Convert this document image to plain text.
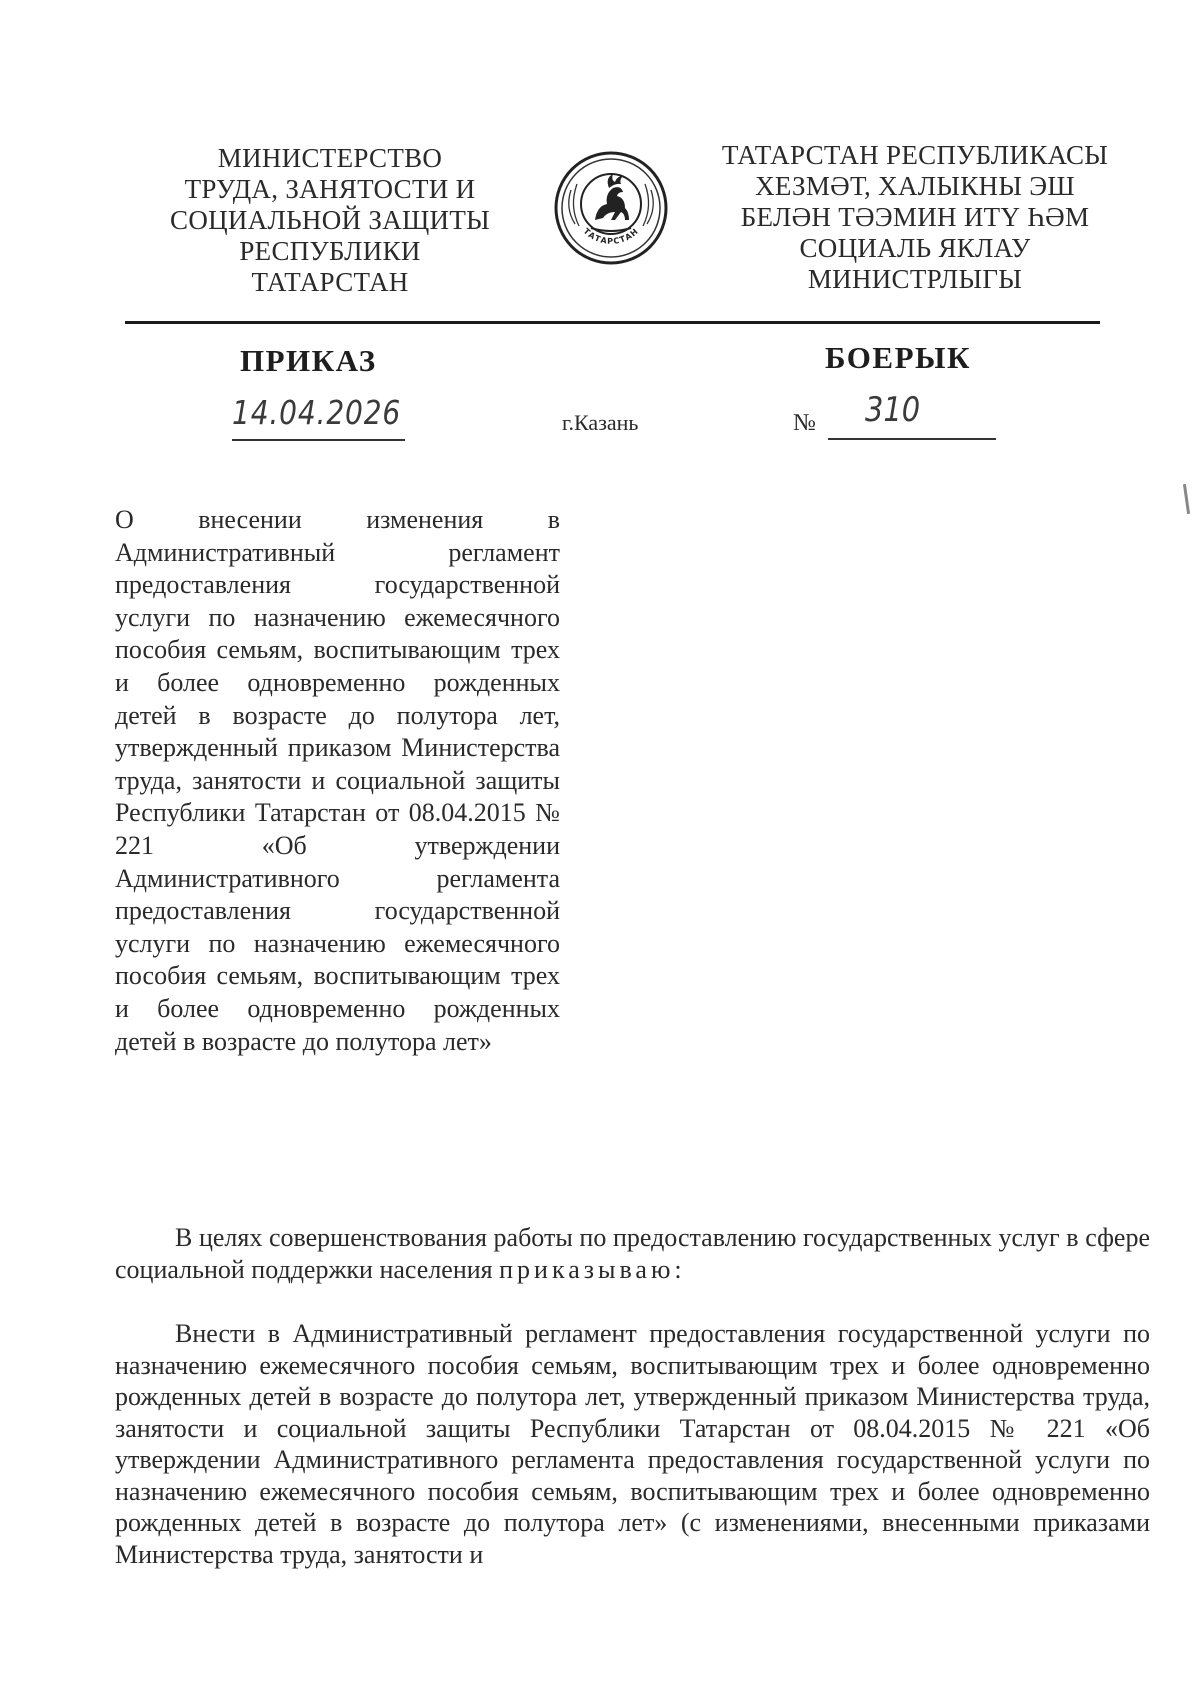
МИНИСТЕРСТВО
ТРУДА, ЗАНЯТОСТИ И
СОЦИАЛЬНОЙ ЗАЩИТЫ
РЕСПУБЛИКИ
ТАТАРСТАН
ТАТАРСТАН
ТАТАРСТАН РЕСПУБЛИКАСЫ
ХЕЗМӘТ, ХАЛЫКНЫ ЭШ
БЕЛӘН ТӘЭМИН ИТҮ ҺӘМ
СОЦИАЛЬ ЯКЛАУ
МИНИСТРЛЫГЫ
ПРИКАЗ	БОЕРЫК
14.04.2026	г.Казань	№ 310
О внесении изменения в Административный регламент предоставления государственной услуги по назначению ежемесячного пособия семьям, воспитывающим трех и более одновременно рожденных детей в возрасте до полутора лет, утвержденный приказом Министерства труда, занятости и социальной защиты Республики Татарстан от 08.04.2015 № 221 «Об утверждении Административного регламента предоставления государственной услуги по назначению ежемесячного пособия семьям, воспитывающим трех и более одновременно рожденных детей в возрасте до полутора лет»
В целях совершенствования работы по предоставлению государственных услуг в сфере социальной поддержки населения приказываю:
Внести в Административный регламент предоставления государственной услуги по назначению ежемесячного пособия семьям, воспитывающим трех и более одновременно рожденных детей в возрасте до полутора лет, утвержденный приказом Министерства труда, занятости и социальной защиты Республики Татарстан от 08.04.2015 № 221 «Об утверждении Административного регламента предоставления государственной услуги по назначению ежемесячного пособия семьям, воспитывающим трех и более одновременно рожденных детей в возрасте до полутора лет» (с изменениями, внесенными приказами Министерства труда, занятости и
